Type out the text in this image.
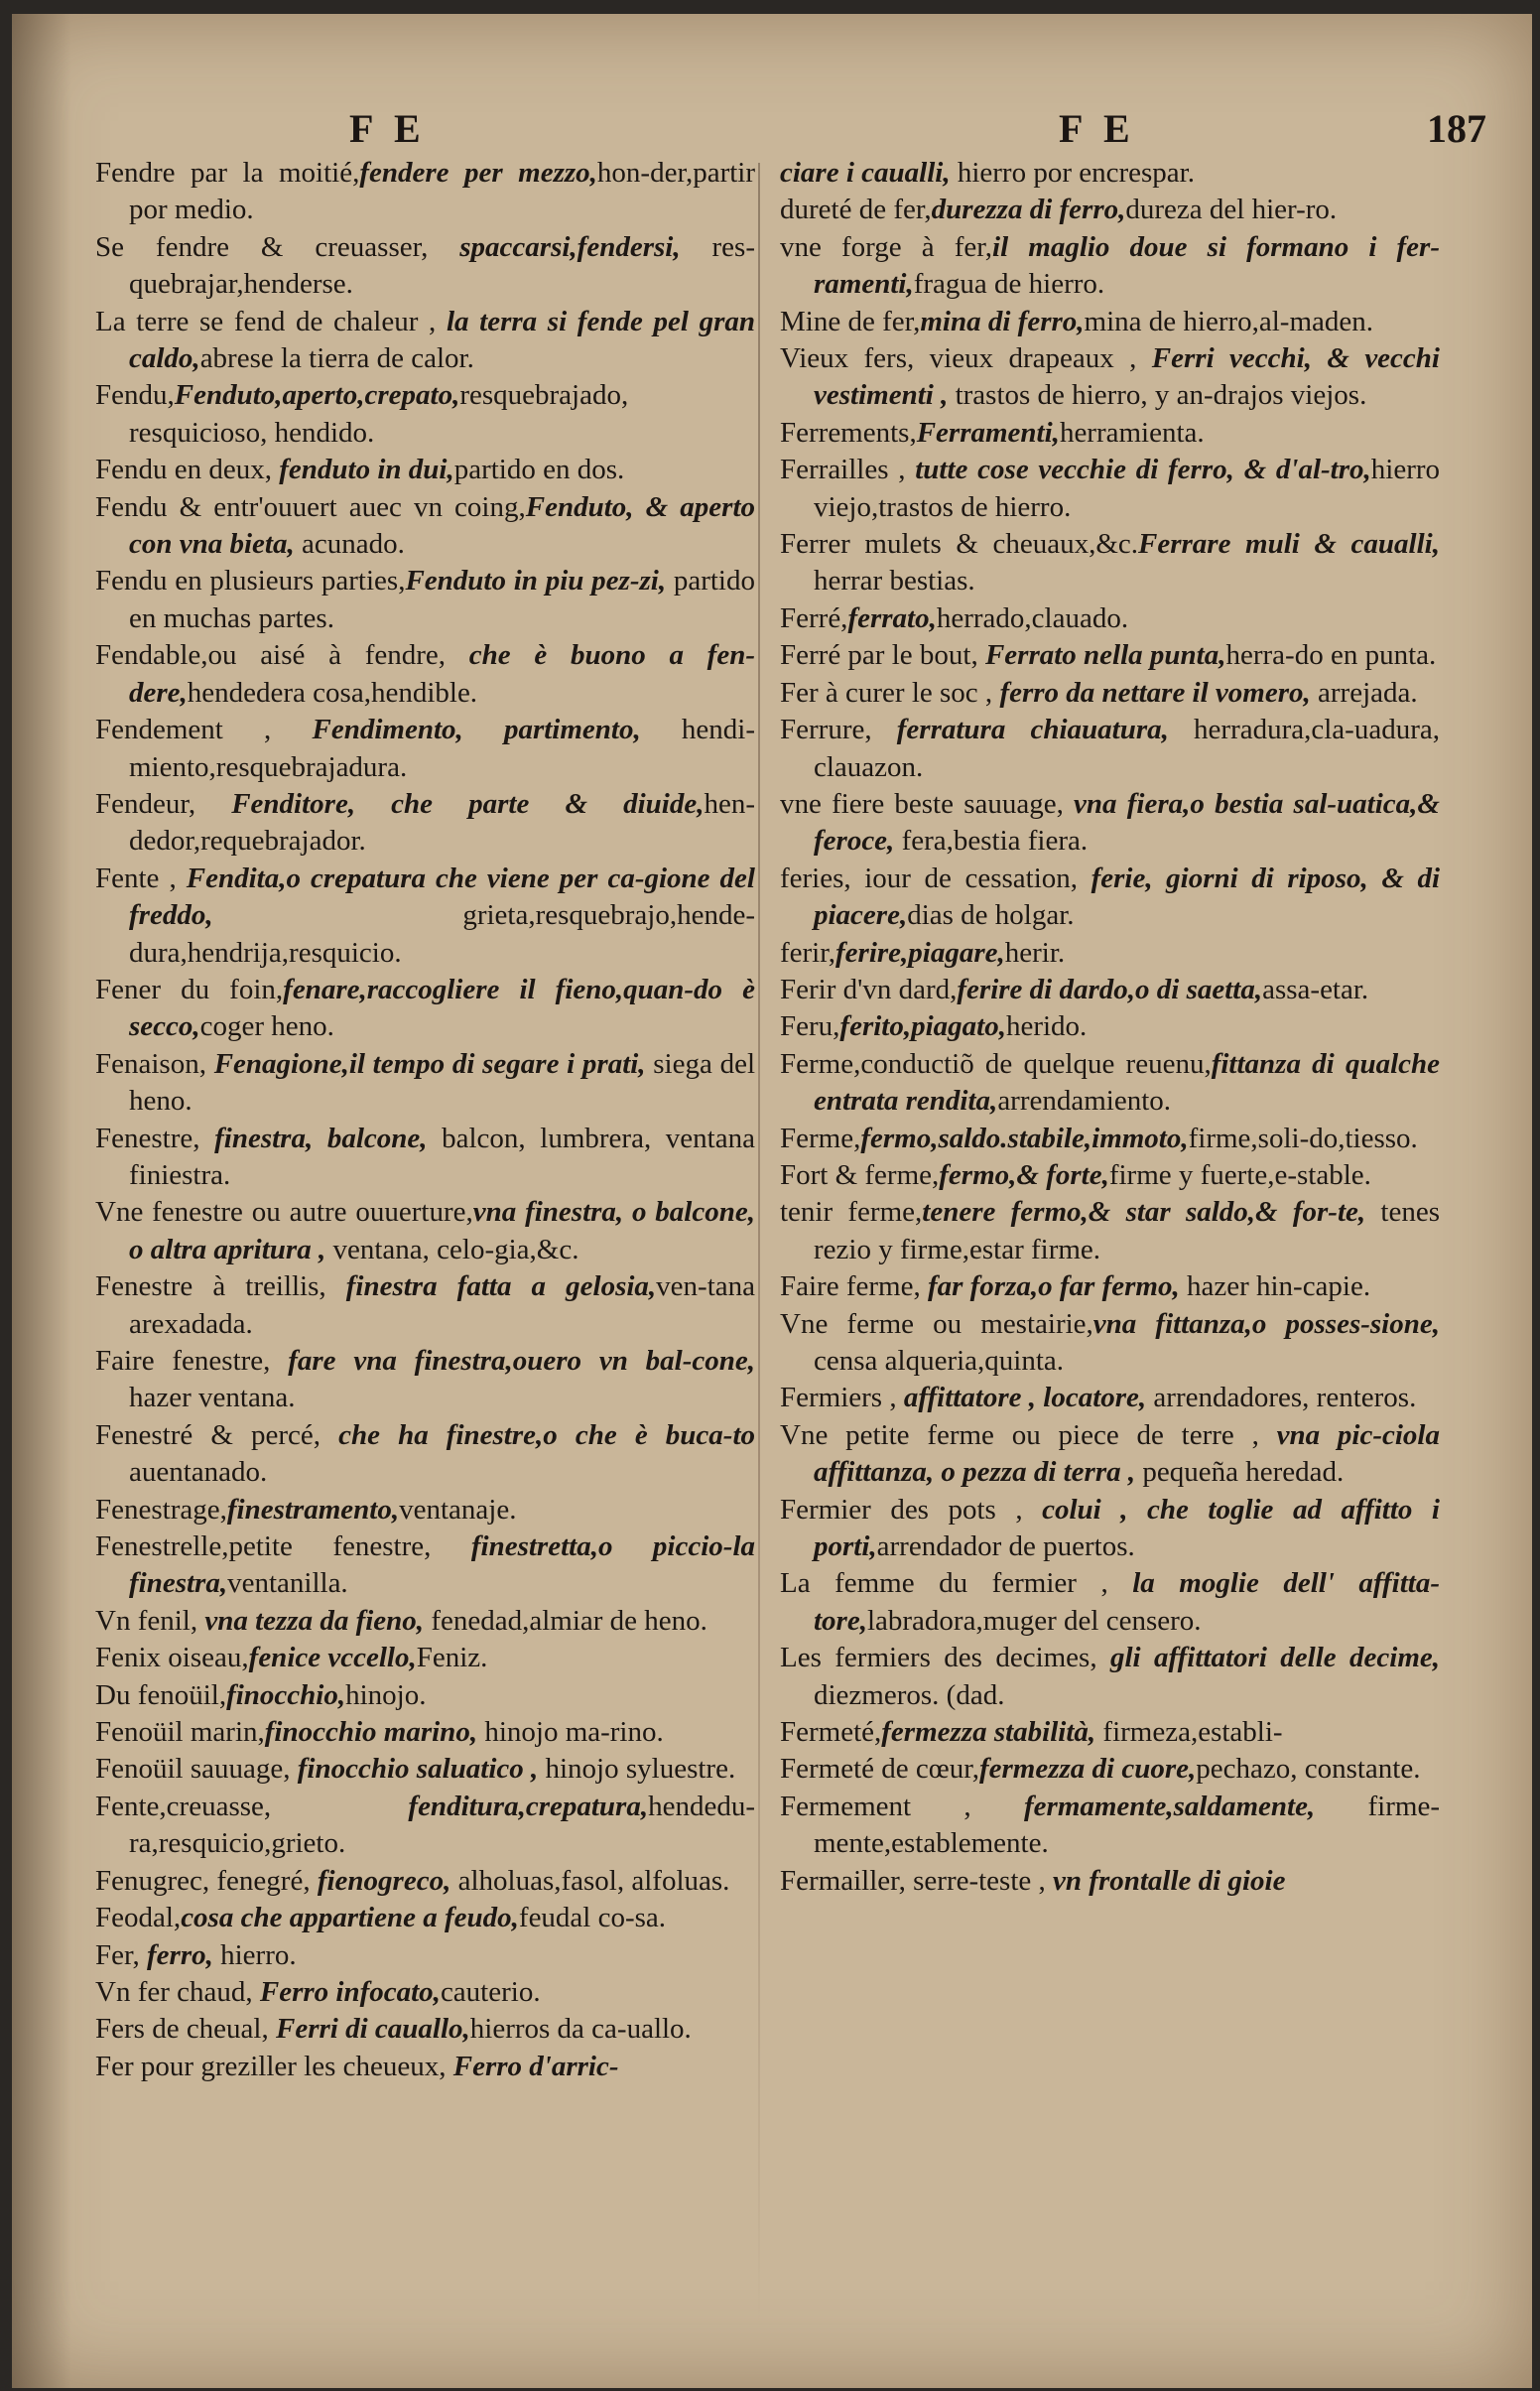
F E	F E	187

Fendre par la moitié,fendere per mezzo,hon-der,partir por medio.

Se fendre & creuasser, spaccarsi,fendersi, res-quebrajar,henderse.

La terre se fend de chaleur , la terra si fende pel gran caldo,abrese la tierra de calor.

Fendu,Fenduto,aperto,crepato,resquebrajado, resquiciosо, hendido.

Fendu en deux, fenduto in dui,partido en dos.

Fendu & entr'ouuert auec vn coing,Fenduto, & aperto con vna bieta, acunado.

Fendu en plusieurs parties,Fenduto in piu pez-zi, partido en muchas partes.

Fendable,ou aisé à fendre, che è buono a fen-dere,hendedera cosa,hendible.

Fendement , Fendimento, partimento, hendi-miento,resquebrajadura.

Fendeur, Fenditore, che parte & diuide,hen-dedor,requebrajador.

Fente , Fendita,o crepatura che viene per ca-gione del freddo, grieta,resquebrajo,hende-dura,hendrija,resquicio.

Fener du foin,fenare,raccogliere il fieno,quan-do è secco,coger heno.

Fenaison, Fenagione,il tempo di segare i prati, siega del heno.

Fenestre, finestra, balcone, balcon, lumbrera, ventana finiestra.

Vne fenestre ou autre ouuerture,vna finestra, o balcone, o altra apritura , ventana, celo-gia,&c.

Fenestre à treillis, finestra fatta a gelosia,ven-tana arexadada.

Faire fenestre, fare vna finestra,ouero vn bal-cone, hazer ventana.

Fenestré & percé, che ha finestre,o che è buca-to auentanado.

Fenestrage,finestramento,ventanaje.

Fenestrelle,petite fenestre, finestretta,o piccio-la finestra,ventanilla.

Vn fenil, vna tezza da fieno, fenedad,almiar de heno.

Fenix oiseau,fenice vccello,Feniz.

Du fenoüil,finocchio,hinojo.

Fenoüil marin,finocchio marino, hinojo ma-rino.

Fenoüil sauuage, finocchio saluatico , hinojo syluestre.

Fente,creuasse, fenditura,crepatura,hendedu-ra,resquicio,grieto.

Fenugrec, fenegré, fienogreco, alholuas,fasol, alfoluas.

Feodal,cosa che appartiene a feudo,feudal co-sa.

Fer, ferro, hierro.

Vn fer chaud, Ferro infocato,cauterio.

Fers de cheual, Ferri di cauallo,hierros da ca-uallo.

Fer pour greziller les cheueux, Ferro d'arric-

ciare i caualli, hierro por encrespar.

dureté de fer,durezza di ferro,dureza del hier-ro.

vne forge à fer,il maglio doue si formano i fer-ramenti,fragua de hierro.

Mine de fer,mina di ferro,mina de hierro,al-maden.

Vieux fers, vieux drapeaux , Ferri vecchi, & vecchi vestimenti , trastos de hierro, y an-drajos viejos.

Ferrements,Ferramenti,herramienta.

Ferrailles , tutte cose vecchie di ferro, & d'al-tro,hierro viejo,trastos de hierro.

Ferrer mulets & cheuaux,&c.Ferrare muli & caualli, herrar bestias.

Ferré,ferrato,herrado,clauado.

Ferré par le bout, Ferrato nella punta,herra-do en punta.

Fer à curer le soc , ferro da nettare il vomero, arrejada.

Ferrure, ferratura chiauatura, herradura,cla-uadura, clauazon.

vne fiere beste sauuage, vna fiera,o bestia sal-uatica,& feroce, fera,bestia fiera.

feries, iour de cessation, ferie, giorni di riposo, & di piacere,dias de holgar.

ferir,ferire,piagare,herir.

Ferir d'vn dard,ferire di dardo,o di saetta,assa-etar.

Feru,ferito,piagato,herido.

Ferme,conductiõ de quelque reuenu,fittanza di qualche entrata rendita,arrendamiento.

Ferme,fermo,saldo.stabile,immoto,firme,soli-do,tiesso.

Fort & ferme,fermo,& forte,firme y fuerte,e-stable.

tenir ferme,tenere fermo,& star saldo,& for-te, tenes rezio y firme,estar firme.

Faire ferme, far forza,o far fermo, hazer hin-capie.

Vne ferme ou mestairie,vna fittanza,o posses-sione, censa alqueria,quinta.

Fermiers , affittatore , locatore, arrendadores, renteros.

Vne petite ferme ou piece de terre , vna pic-ciola affittanza, o pezza di terra , pequeña heredad.

Fermier des pots , colui , che toglie ad affitto i porti,arrendador de puertos.

La femme du fermier , la moglie dell' affitta-tore,labradora,muger del censero.

Les fermiers des decimes, gli affittatori delle decime, diezmeros. (dad.

Fermeté,fermezza stabilità, firmeza,establi-

Fermeté de cœur,fermezza di cuore,pechazo, constante.

Fermement , fermamente,saldamente, firme-mente,establemente.

Fermailler, serre-teste , vn frontalle di gioie
